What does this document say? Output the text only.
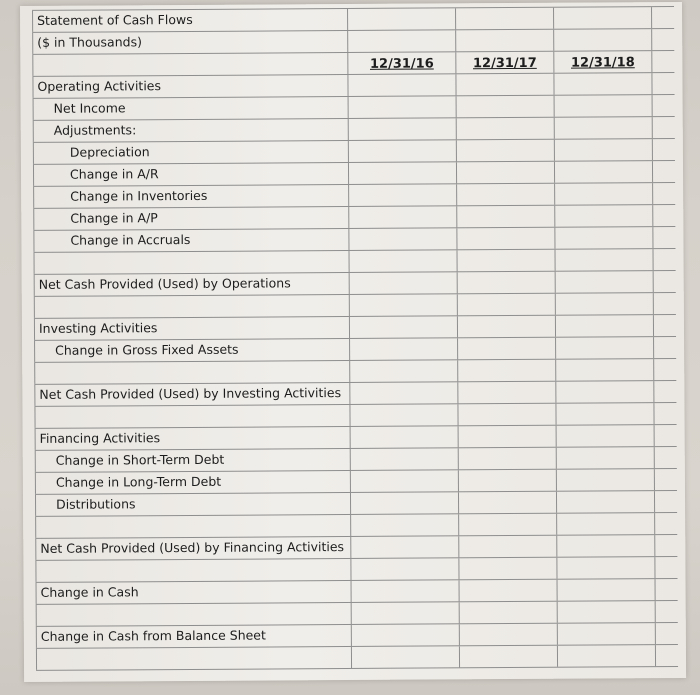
Statement of Cash Flows
($ in Thousands)
12/31/16	12/31/17	12/31/18
Operating Activities
Net Income
Adjustments:
Depreciation
Change in A/R
Change in Inventories
Change in A/P
Change in Accruals
Net Cash Provided (Used) by Operations
Investing Activities
Change in Gross Fixed Assets
Net Cash Provided (Used) by Investing Activities
Financing Activities
Change in Short-Term Debt
Change in Long-Term Debt
Distributions
Net Cash Provided (Used) by Financing Activities
Change in Cash
Change in Cash from Balance Sheet
